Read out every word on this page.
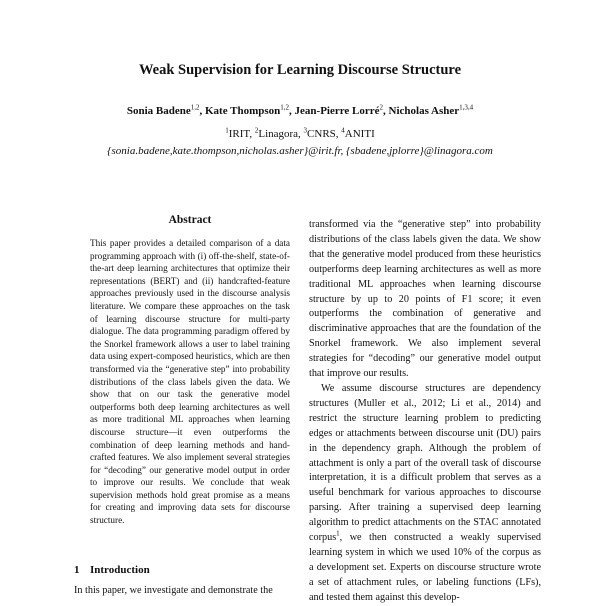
Weak Supervision for Learning Discourse Structure

Sonia Badene$^{1,2}$, Kate Thompson$^{1,2}$, Jean-Pierre Lorré$^2$, Nicholas Asher$^{1,3,4}$

$^1$IRIT, $^2$Linagora, $^3$CNRS, $^4$ANITI

{sonia.badene,kate.thompson,nicholas.asher}@irit.fr, {sbadene,jplorre}@linagora.com

Abstract

This paper provides a detailed comparison of a data programming approach with (i) off-the-shelf, state-of-the-art deep learning architectures that optimize their representations (BERT) and (ii) handcrafted-feature approaches previously used in the discourse analysis literature. We compare these approaches on the task of learning discourse structure for multi-party dialogue. The data programming paradigm offered by the Snorkel framework allows a user to label training data using expert-composed heuristics, which are then transformed via the “generative step” into probability distributions of the class labels given the data. We show that on our task the generative model outperforms both deep learning architectures as well as more traditional ML approaches when learning discourse structure—it even outperforms the combination of deep learning methods and hand-crafted features. We also implement several strategies for “decoding” our generative model output in order to improve our results. We conclude that weak supervision methods hold great promise as a means for creating and improving data sets for discourse structure.

1 Introduction

In this paper, we investigate and demonstrate the

transformed via the “generative step” into probability distributions of the class labels given the data. We show that the generative model produced from these heuristics outperforms deep learning architectures as well as more traditional ML approaches when learning discourse structure by up to 20 points of F1 score; it even outperforms the combination of generative and discriminative approaches that are the foundation of the Snorkel framework. We also implement several strategies for “decoding” our generative model output that improve our results.

We assume discourse structures are dependency structures (Muller et al., 2012; Li et al., 2014) and restrict the structure learning problem to predicting edges or attachments between discourse unit (DU) pairs in the dependency graph. Although the problem of attachment is only a part of the overall task of discourse interpretation, it is a difficult problem that serves as a useful benchmark for various approaches to discourse parsing. After training a supervised deep learning algorithm to predict attachments on the STAC annotated corpus$^1$, we then constructed a weakly supervised learning system in which we used 10% of the corpus as a development set. Experts on discourse structure wrote a set of attachment rules, or labeling functions (LFs), and tested them against this develop-
